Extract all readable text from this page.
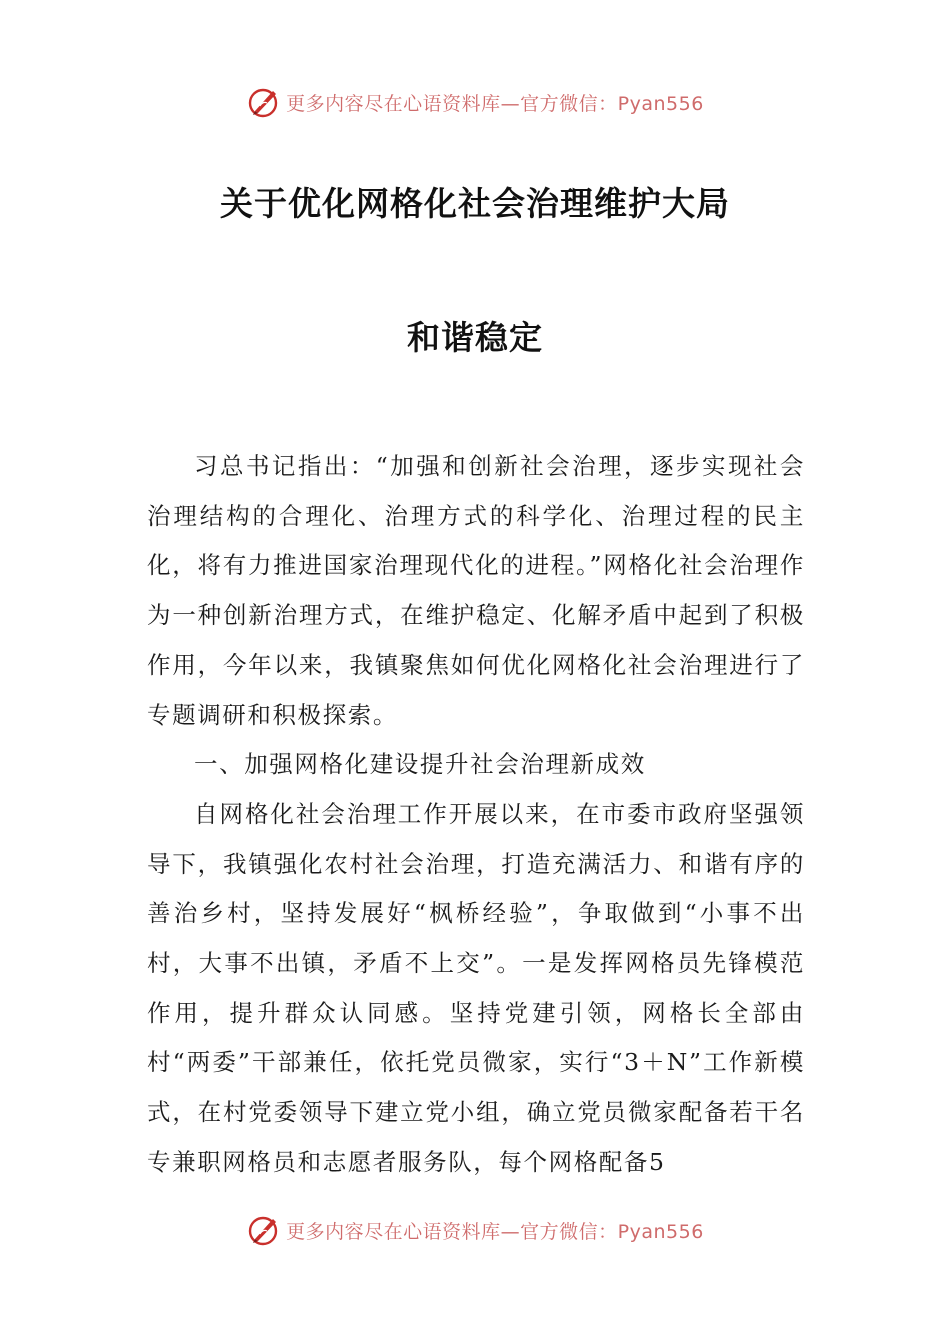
更多内容尽在心语资料库—官方微信：Pyan556
关于优化网格化社会治理维护大局
和谐稳定

习总书记指出：“加强和创新社会治理，逐步实现社会治理结构的合理化、治理方式的科学化、治理过程的民主化，将有力推进国家治理现代化的进程。”网格化社会治理作为一种创新治理方式，在维护稳定、化解矛盾中起到了积极作用，今年以来，我镇聚焦如何优化网格化社会治理进行了专题调研和积极探索。

一、加强网格化建设提升社会治理新成效

自网格化社会治理工作开展以来，在市委市政府坚强领导下，我镇强化农村社会治理，打造充满活力、和谐有序的善治乡村，坚持发展好“枫桥经验”，争取做到“小事不出村，大事不出镇，矛盾不上交”。一是发挥网格员先锋模范作用，提升群众认同感。坚持党建引领，网格长全部由村“两委”干部兼任，依托党员微家，实行“3＋N”工作新模式，在村党委领导下建立党小组，确立党员微家配备若干名专兼职网格员和志愿者服务队，每个网格配备5

更多内容尽在心语资料库—官方微信：Pyan556
